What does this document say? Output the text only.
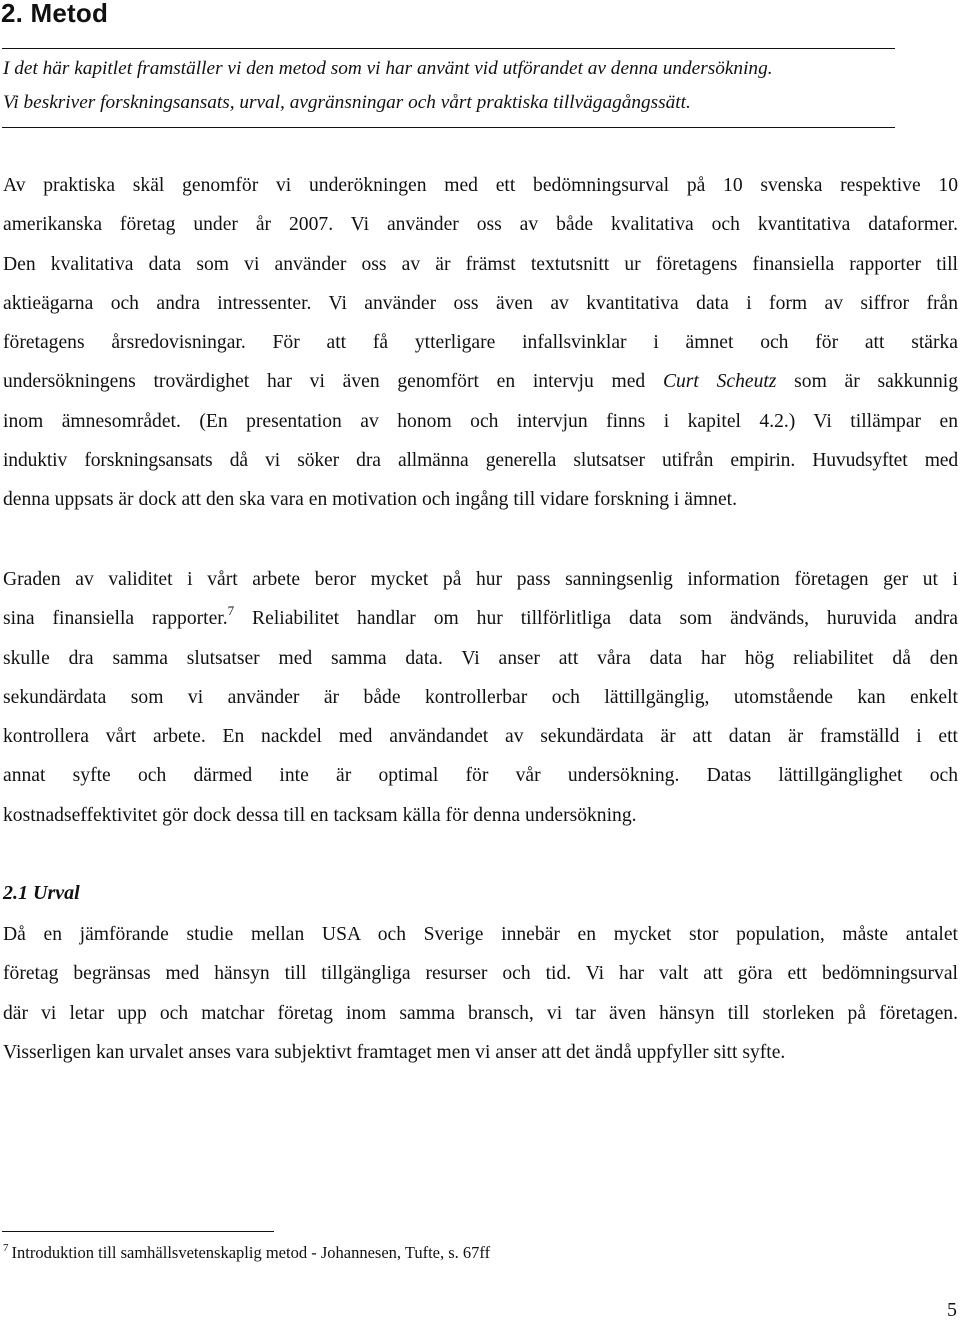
2. Metod

I det här kapitlet framställer vi den metod som vi har använt vid utförandet av denna undersökning.
Vi beskriver forskningsansats, urval, avgränsningar och vårt praktiska tillvägagångssätt.

Av praktiska skäl genomför vi underökningen med ett bedömningsurval på 10 svenska respektive 10
amerikanska företag under år 2007. Vi använder oss av både kvalitativa och kvantitativa dataformer.
Den kvalitativa data som vi använder oss av är främst textutsnitt ur företagens finansiella rapporter till
aktieägarna och andra intressenter. Vi använder oss även av kvantitativa data i form av siffror från
företagens årsredovisningar. För att få ytterligare infallsvinklar i ämnet och för att stärka
undersökningens trovärdighet har vi även genomfört en intervju med Curt Scheutz som är sakkunnig
inom ämnesområdet. (En presentation av honom och intervjun finns i kapitel 4.2.) Vi tillämpar en
induktiv forskningsansats då vi söker dra allmänna generella slutsatser utifrån empirin. Huvudsyftet med
denna uppsats är dock att den ska vara en motivation och ingång till vidare forskning i ämnet.
Graden av validitet i vårt arbete beror mycket på hur pass sanningsenlig information företagen ger ut i
sina finansiella rapporter.$^7$ Reliabilitet handlar om hur tillförlitliga data som ändvänds, huruvida andra
skulle dra samma slutsatser med samma data. Vi anser att våra data har hög reliabilitet då den
sekundärdata som vi använder är både kontrollerbar och lättillgänglig, utomstående kan enkelt
kontrollera vårt arbete. En nackdel med användandet av sekundärdata är att datan är framställd i ett
annat syfte och därmed inte är optimal för vår undersökning. Datas lättillgänglighet och
kostnadseffektivitet gör dock dessa till en tacksam källa för denna undersökning.
2.1 Urval
Då en jämförande studie mellan USA och Sverige innebär en mycket stor population, måste antalet
företag begränsas med hänsyn till tillgängliga resurser och tid. Vi har valt att göra ett bedömningsurval
där vi letar upp och matchar företag inom samma bransch, vi tar även hänsyn till storleken på företagen.
Visserligen kan urvalet anses vara subjektivt framtaget men vi anser att det ändå uppfyller sitt syfte.

$^7$ Introduktion till samhällsvetenskaplig metod - Johannesen, Tufte, s. 67ff

5
